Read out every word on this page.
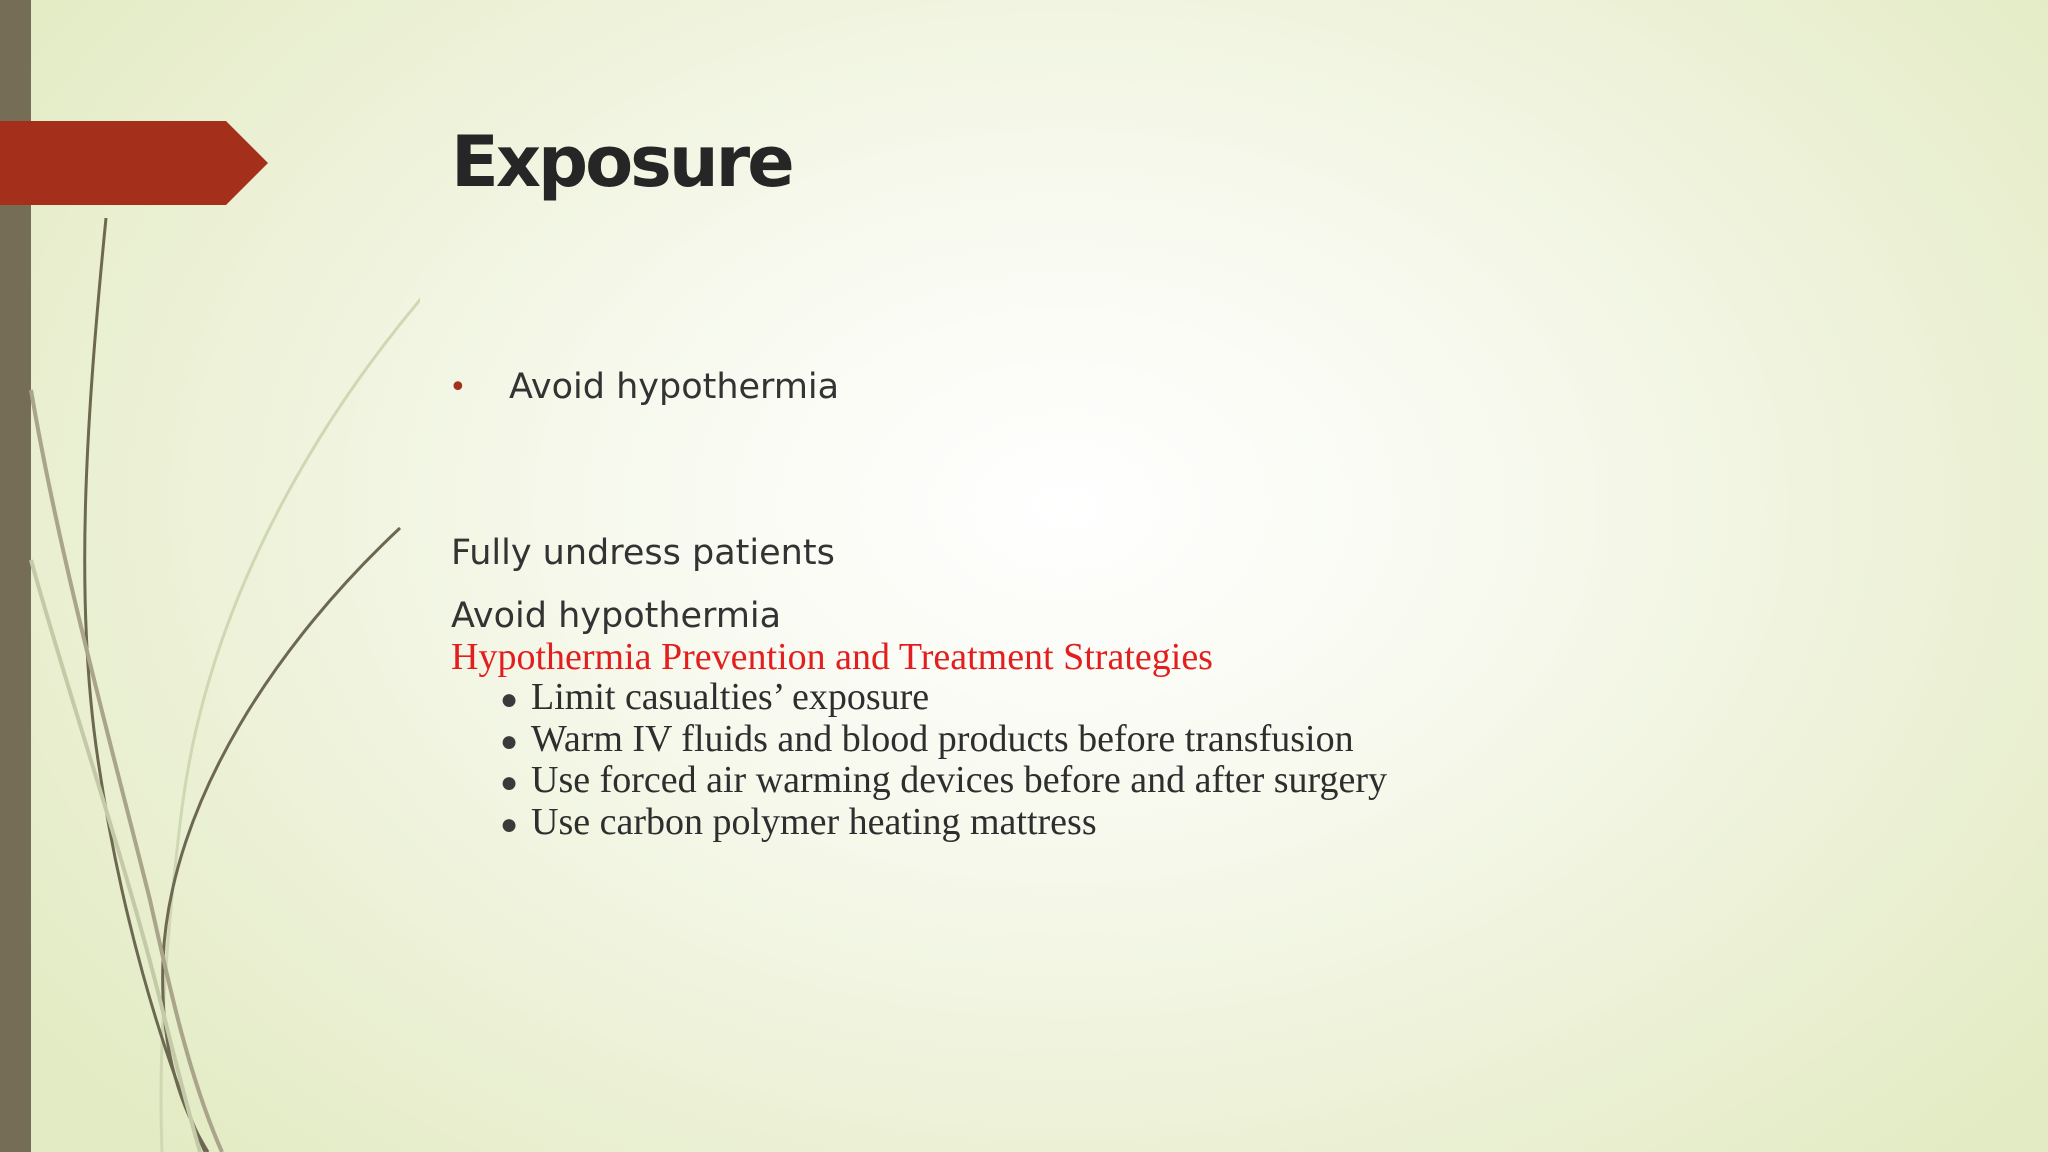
Exposure
•	Avoid hypothermia
Fully undress patients
Avoid hypothermia
Hypothermia Prevention and Treatment Strategies
● Limit casualties’ exposure
● Warm IV fluids and blood products before transfusion
● Use forced air warming devices before and after surgery
● Use carbon polymer heating mattress
